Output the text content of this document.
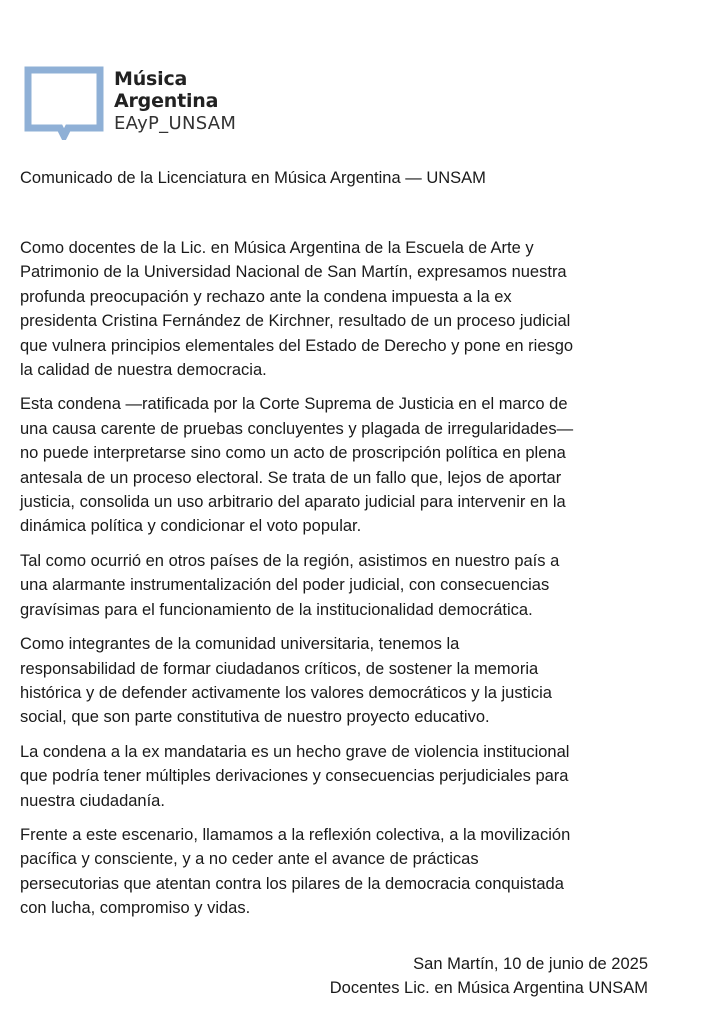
Música
Argentina
EAyP_UNSAM
Comunicado de la Licenciatura en Música Argentina — UNSAM

Como docentes de la Lic. en Música Argentina de la Escuela de Arte y
Patrimonio de la Universidad Nacional de San Martín, expresamos nuestra
profunda preocupación y rechazo ante la condena impuesta a la ex
presidenta Cristina Fernández de Kirchner, resultado de un proceso judicial
que vulnera principios elementales del Estado de Derecho y pone en riesgo
la calidad de nuestra democracia.

Esta condena —ratificada por la Corte Suprema de Justicia en el marco de
una causa carente de pruebas concluyentes y plagada de irregularidades—
no puede interpretarse sino como un acto de proscripción política en plena
antesala de un proceso electoral. Se trata de un fallo que, lejos de aportar
justicia, consolida un uso arbitrario del aparato judicial para intervenir en la
dinámica política y condicionar el voto popular.

Tal como ocurrió en otros países de la región, asistimos en nuestro país a
una alarmante instrumentalización del poder judicial, con consecuencias
gravísimas para el funcionamiento de la institucionalidad democrática.

Como integrantes de la comunidad universitaria, tenemos la
responsabilidad de formar ciudadanos críticos, de sostener la memoria
histórica y de defender activamente los valores democráticos y la justicia
social, que son parte constitutiva de nuestro proyecto educativo.

La condena a la ex mandataria es un hecho grave de violencia institucional
que podría tener múltiples derivaciones y consecuencias perjudiciales para
nuestra ciudadanía.

Frente a este escenario, llamamos a la reflexión colectiva, a la movilización
pacífica y consciente, y a no ceder ante el avance de prácticas
persecutorias que atentan contra los pilares de la democracia conquistada
con lucha, compromiso y vidas.

San Martín, 10 de junio de 2025
Docentes Lic. en Música Argentina UNSAM
